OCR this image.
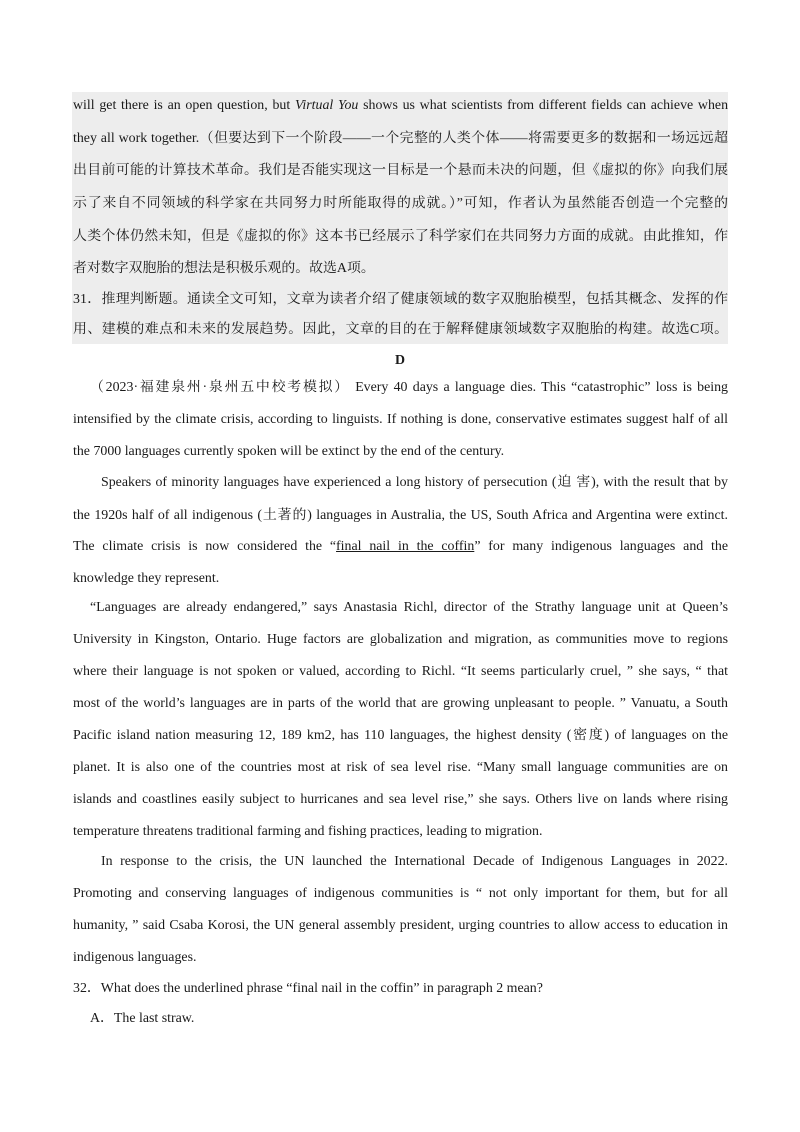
will get there is an open question, but Virtual You shows us what scientists from different fields can achieve when
they all work together.（但要达到下一个阶段——一个完整的人类个体——将需要更多的数据和一场远远超
出目前可能的计算技术革命。我们是否能实现这一目标是一个悬而未决的问题，但《虚拟的你》向我们展
示了来自不同领域的科学家在共同努力时所能取得的成就。）”可知，作者认为虽然能否创造一个完整的
人类个体仍然未知，但是《虚拟的你》这本书已经展示了科学家们在共同努力方面的成就。由此推知，作
者对数字双胞胎的想法是积极乐观的。故选A项。
31．推理判断题。通读全文可知，文章为读者介绍了健康领域的数字双胞胎模型，包括其概念、发挥的作
用、建模的难点和未来的发展趋势。因此，文章的目的在于解释健康领域数字双胞胎的构建。故选C项。
D
（2023·福建泉州·泉州五中校考模拟） Every 40 days a language dies. This “catastrophic” loss is being
intensified by the climate crisis, according to linguists. If nothing is done, conservative estimates suggest half of all
the 7000 languages currently spoken will be extinct by the end of the century.
Speakers of minority languages have experienced a long history of persecution (迫 害), with the result that by
the 1920s half of all indigenous (土著的) languages in Australia, the US, South Africa and Argentina were extinct.
The climate crisis is now considered the “final nail in the coffin” for many indigenous languages and the
knowledge they represent.
“Languages are already endangered,” says Anastasia Richl, director of the Strathy language unit at Queen’s
University in Kingston, Ontario. Huge factors are globalization and migration, as communities move to regions
where their language is not spoken or valued, according to Richl. “It seems particularly cruel, ” she says, “ that
most of the world’s languages are in parts of the world that are growing unpleasant to people. ” Vanuatu, a South
Pacific island nation measuring 12, 189 km2, has 110 languages, the highest density (密度) of languages on the
planet. It is also one of the countries most at risk of sea level rise. “Many small language communities are on
islands and coastlines easily subject to hurricanes and sea level rise,” she says. Others live on lands where rising
temperature threatens traditional farming and fishing practices, leading to migration.
In response to the crisis, the UN launched the International Decade of Indigenous Languages in 2022.
Promoting and conserving languages of indigenous communities is “ not only important for them, but for all
humanity, ” said Csaba Korosi, the UN general assembly president, urging countries to allow access to education in
indigenous languages.
32．What does the underlined phrase “final nail in the coffin” in paragraph 2 mean?
A．The last straw.
